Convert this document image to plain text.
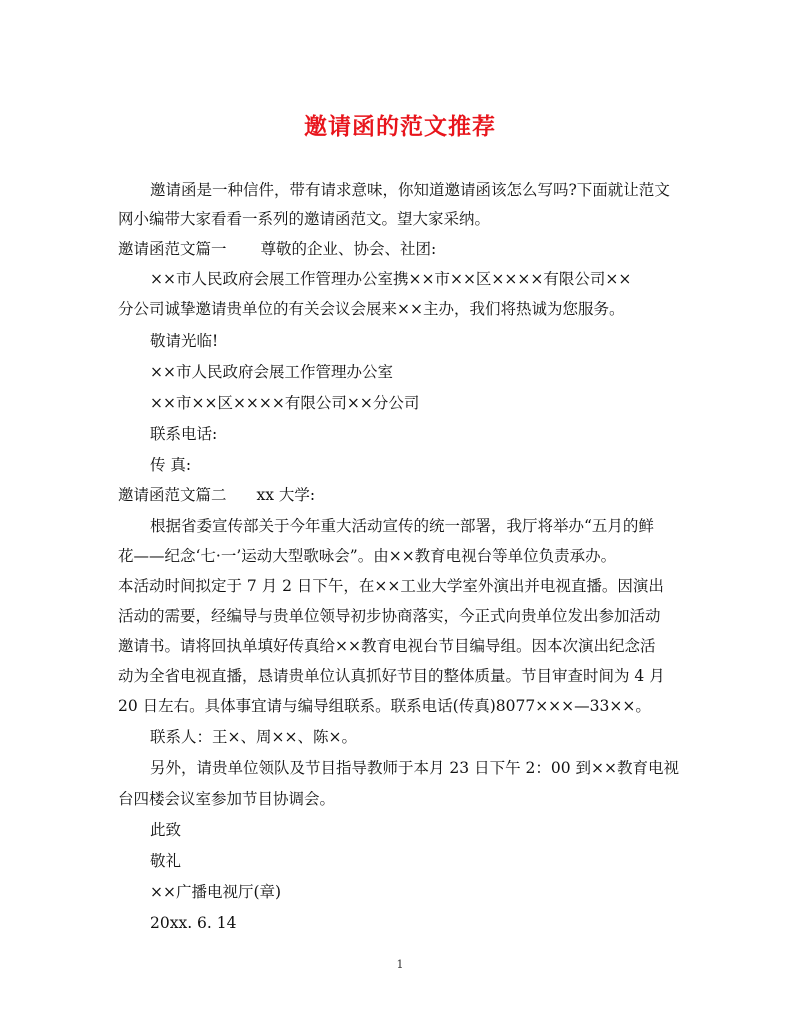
邀请函的范文推荐
邀请函是一种信件，带有请求意味，你知道邀请函该怎么写吗?下面就让范文
网小编带大家看看一系列的邀请函范文。望大家采纳。
邀请函范文篇一 尊敬的企业、协会、社团:
××市人民政府会展工作管理办公室携××市××区××××有限公司××
分公司诚挚邀请贵单位的有关会议会展来××主办，我们将热诚为您服务。
敬请光临!
××市人民政府会展工作管理办公室
××市××区××××有限公司××分公司
联系电话:
传 真:
邀请函范文篇二 xx 大学:
根据省委宣传部关于今年重大活动宣传的统一部署，我厅将举办“五月的鲜
花——纪念‘七·一’运动大型歌咏会”。由××教育电视台等单位负责承办。
本活动时间拟定于 7 月 2 日下午，在××工业大学室外演出并电视直播。因演出
活动的需要，经编导与贵单位领导初步协商落实，今正式向贵单位发出参加活动
邀请书。请将回执单填好传真给××教育电视台节目编导组。因本次演出纪念活
动为全省电视直播，恳请贵单位认真抓好节目的整体质量。节目审查时间为 4 月
20 日左右。具体事宜请与编导组联系。联系电话(传真)8077×××—33××。
联系人：王×、周××、陈×。
另外，请贵单位领队及节目指导教师于本月 23 日下午 2：00 到××教育电视
台四楼会议室参加节目协调会。
此致
敬礼
××广播电视厅(章)
20xx. 6. 14
1
